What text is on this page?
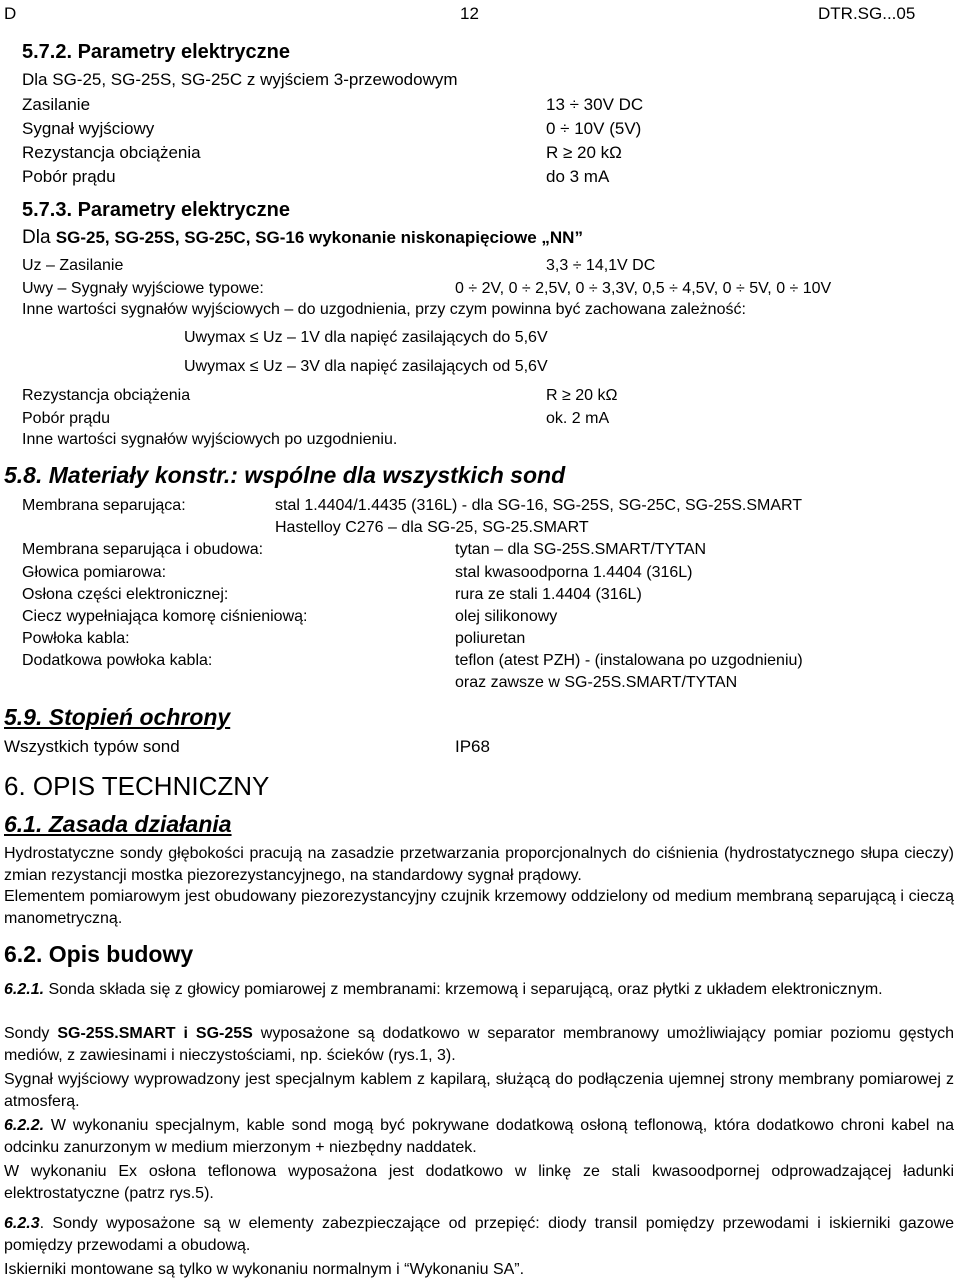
D	12	DTR.SG...05
5.7.2. Parametry elektryczne
Dla SG-25, SG-25S, SG-25C z wyjściem 3-przewodowym
Zasilanie	13 ÷ 30V DC
Sygnał wyjściowy	0 ÷ 10V (5V)
Rezystancja obciążenia	R ≥ 20 kΩ
Pobór prądu	do 3 mA
5.7.3. Parametry elektryczne
Dla SG-25, SG-25S, SG-25C, SG-16 wykonanie niskonapięciowe „NN”
Uz – Zasilanie	3,3 ÷ 14,1V DC
Uwy – Sygnały wyjściowe typowe:	0 ÷ 2V, 0 ÷ 2,5V, 0 ÷ 3,3V, 0,5 ÷ 4,5V, 0 ÷ 5V, 0 ÷ 10V
Inne wartości sygnałów wyjściowych – do uzgodnienia, przy czym powinna być zachowana zależność:
Uwymax ≤ Uz – 1V dla napięć zasilających do 5,6V
Uwymax ≤ Uz – 3V dla napięć zasilających od 5,6V
Rezystancja obciążenia	R ≥ 20 kΩ
Pobór prądu	ok. 2 mA
Inne wartości sygnałów wyjściowych po uzgodnieniu.
5.8. Materiały konstr.: wspólne dla wszystkich sond
Membrana separująca:	stal 1.4404/1.4435 (316L) - dla SG-16, SG-25S, SG-25C, SG-25S.SMART
Hastelloy C276 – dla SG-25, SG-25.SMART
Membrana separująca i obudowa:	tytan – dla SG-25S.SMART/TYTAN
Głowica pomiarowa:	stal kwasoodporna 1.4404 (316L)
Osłona części elektronicznej:	rura ze stali 1.4404 (316L)
Ciecz wypełniająca komorę ciśnieniową:	olej silikonowy
Powłoka kabla:	poliuretan
Dodatkowa powłoka kabla:	teflon (atest PZH) - (instalowana po uzgodnieniu)
oraz zawsze w SG-25S.SMART/TYTAN
5.9. Stopień ochrony
Wszystkich typów sond	IP68
6. OPIS TECHNICZNY
6.1. Zasada działania
Hydrostatyczne sondy głębokości pracują na zasadzie przetwarzania proporcjonalnych do ciśnienia (hydrostatycznego słupa cieczy) zmian rezystancji mostka piezorezystancyjnego, na standardowy sygnał prądowy.
Elementem pomiarowym jest obudowany piezorezystancyjny czujnik krzemowy oddzielony od medium membraną separującą i cieczą manometryczną.
6.2. Opis budowy
6.2.1. Sonda składa się z głowicy pomiarowej z membranami: krzemową i separującą, oraz płytki z układem elektronicznym.
Sondy SG-25S.SMART i SG-25S wyposażone są dodatkowo w separator membranowy umożliwiający pomiar poziomu gęstych mediów, z zawiesinami i nieczystościami, np. ścieków (rys.1, 3).
Sygnał wyjściowy wyprowadzony jest specjalnym kablem z kapilarą, służącą do podłączenia ujemnej strony membrany pomiarowej z atmosferą.
6.2.2. W wykonaniu specjalnym, kable sond mogą być pokrywane dodatkową osłoną teflonową, która dodatkowo chroni kabel na odcinku zanurzonym w medium mierzonym + niezbędny naddatek.
W wykonaniu Ex osłona teflonowa wyposażona jest dodatkowo w linkę ze stali kwasoodpornej odprowadzającej ładunki elektrostatyczne (patrz rys.5).
6.2.3. Sondy wyposażone są w elementy zabezpieczające od przepięć: diody transil pomiędzy przewodami i iskierniki gazowe pomiędzy przewodami a obudową.
Iskierniki montowane są tylko w wykonaniu normalnym i “Wykonaniu SA”.
